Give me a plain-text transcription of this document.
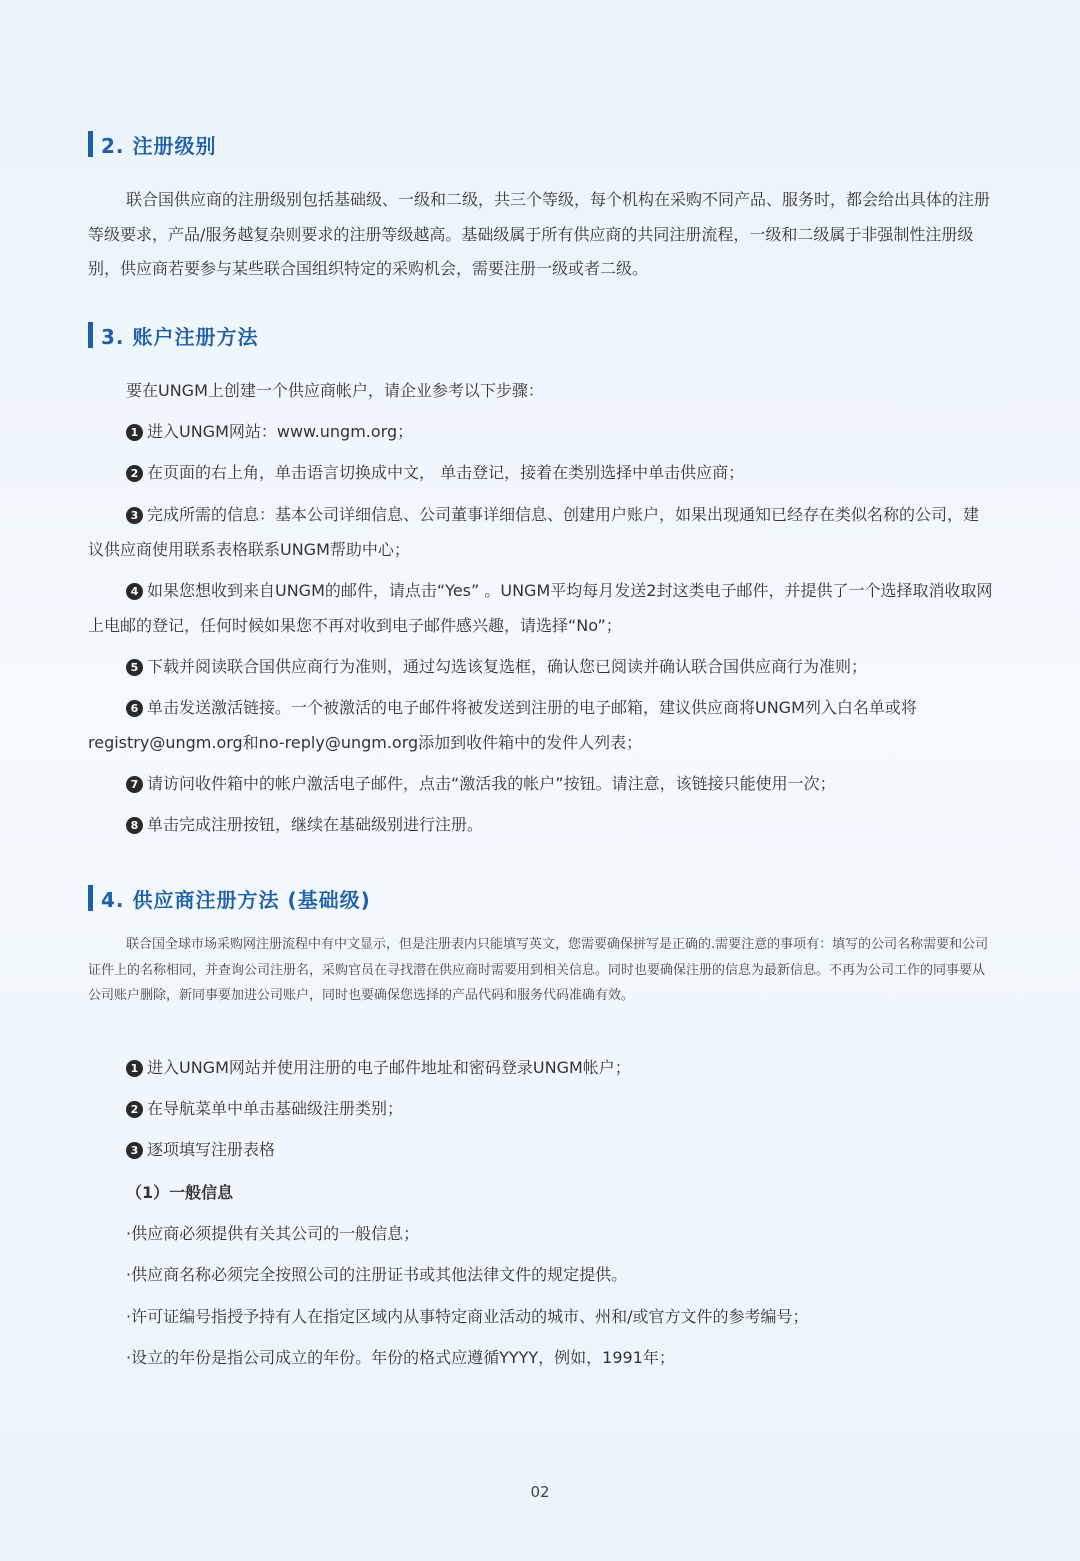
2. 注册级别

联合国供应商的注册级别包括基础级、一级和二级，共三个等级，每个机构在采购不同产品、服务时，都会给出具体的注册等级要求，产品/服务越复杂则要求的注册等级越高。基础级属于所有供应商的共同注册流程，一级和二级属于非强制性注册级别，供应商若要参与某些联合国组织特定的采购机会，需要注册一级或者二级。

3. 账户注册方法

要在UNGM上创建一个供应商帐户，请企业参考以下步骤：

1 进入UNGM网站：www.ungm.org；

2 在页面的右上角，单击语言切换成中文， 单击登记，接着在类别选择中单击供应商；

3 完成所需的信息：基本公司详细信息、公司董事详细信息、创建用户账户，如果出现通知已经存在类似名称的公司，建议供应商使用联系表格联系UNGM帮助中心；

4 如果您想收到来自UNGM的邮件，请点击“Yes” 。UNGM平均每月发送2封这类电子邮件，并提供了一个选择取消收取网上电邮的登记，任何时候如果您不再对收到电子邮件感兴趣，请选择“No”；

5 下载并阅读联合国供应商行为准则，通过勾选该复选框，确认您已阅读并确认联合国供应商行为准则；

6 单击发送激活链接。一个被激活的电子邮件将被发送到注册的电子邮箱，建议供应商将UNGM列入白名单或将registry@ungm.org和no-reply@ungm.org添加到收件箱中的发件人列表；

7 请访问收件箱中的帐户激活电子邮件，点击“激活我的帐户”按钮。请注意，该链接只能使用一次；

8 单击完成注册按钮，继续在基础级别进行注册。

4. 供应商注册方法 (基础级)

联合国全球市场采购网注册流程中有中文显示，但是注册表内只能填写英文，您需要确保拼写是正确的.需要注意的事项有：填写的公司名称需要和公司证件上的名称相同，并查询公司注册名，采购官员在寻找潜在供应商时需要用到相关信息。同时也要确保注册的信息为最新信息。不再为公司工作的同事要从公司账户删除，新同事要加进公司账户，同时也要确保您选择的产品代码和服务代码准确有效。

1 进入UNGM网站并使用注册的电子邮件地址和密码登录UNGM帐户；

2 在导航菜单中单击基础级注册类别；

3 逐项填写注册表格

（1）一般信息
·供应商必须提供有关其公司的一般信息；
·供应商名称必须完全按照公司的注册证书或其他法律文件的规定提供。
·许可证编号指授予持有人在指定区域内从事特定商业活动的城市、州和/或官方文件的参考编号；
·设立的年份是指公司成立的年份。年份的格式应遵循YYYY，例如，1991年；
02
